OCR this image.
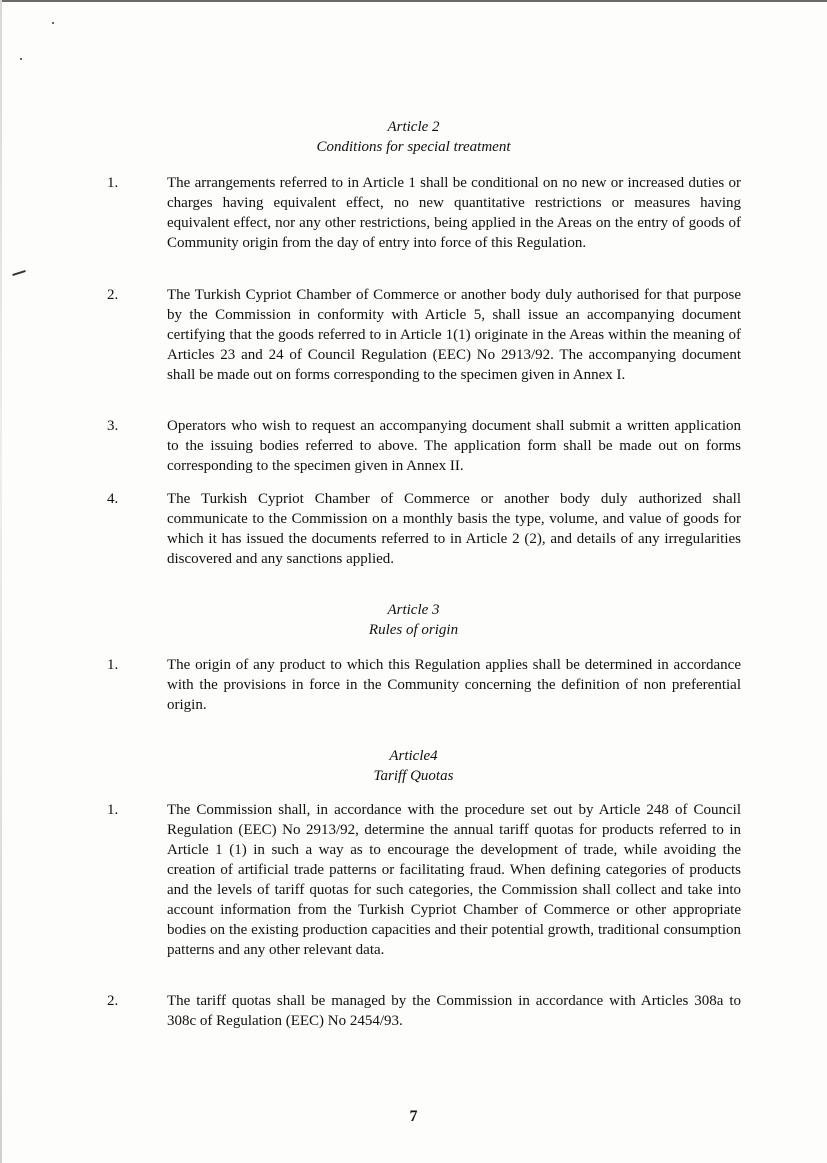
Article 2
Conditions for special treatment
1.	The arrangements referred to in Article 1 shall be conditional on no new or increased duties or charges having equivalent effect, no new quantitative restrictions or measures having equivalent effect, nor any other restrictions, being applied in the Areas on the entry of goods of Community origin from the day of entry into force of this Regulation.
2.	The Turkish Cypriot Chamber of Commerce or another body duly authorised for that purpose by the Commission in conformity with Article 5, shall issue an accompanying document certifying that the goods referred to in Article 1(1) originate in the Areas within the meaning of Articles 23 and 24 of Council Regulation (EEC) No 2913/92. The accompanying document shall be made out on forms corresponding to the specimen given in Annex I.
3.	Operators who wish to request an accompanying document shall submit a written application to the issuing bodies referred to above. The application form shall be made out on forms corresponding to the specimen given in Annex II.
4.	The Turkish Cypriot Chamber of Commerce or another body duly authorized shall communicate to the Commission on a monthly basis the type, volume, and value of goods for which it has issued the documents referred to in Article 2 (2), and details of any irregularities discovered and any sanctions applied.
Article 3
Rules of origin
1.	The origin of any product to which this Regulation applies shall be determined in accordance with the provisions in force in the Community concerning the definition of non preferential origin.
Article4
Tariff Quotas
1.	The Commission shall, in accordance with the procedure set out by Article 248 of Council Regulation (EEC) No 2913/92, determine the annual tariff quotas for products referred to in Article 1 (1) in such a way as to encourage the development of trade, while avoiding the creation of artificial trade patterns or facilitating fraud. When defining categories of products and the levels of tariff quotas for such categories, the Commission shall collect and take into account information from the Turkish Cypriot Chamber of Commerce or other appropriate bodies on the existing production capacities and their potential growth, traditional consumption patterns and any other relevant data.
2.	The tariff quotas shall be managed by the Commission in accordance with Articles 308a to 308c of Regulation (EEC) No 2454/93.
7
